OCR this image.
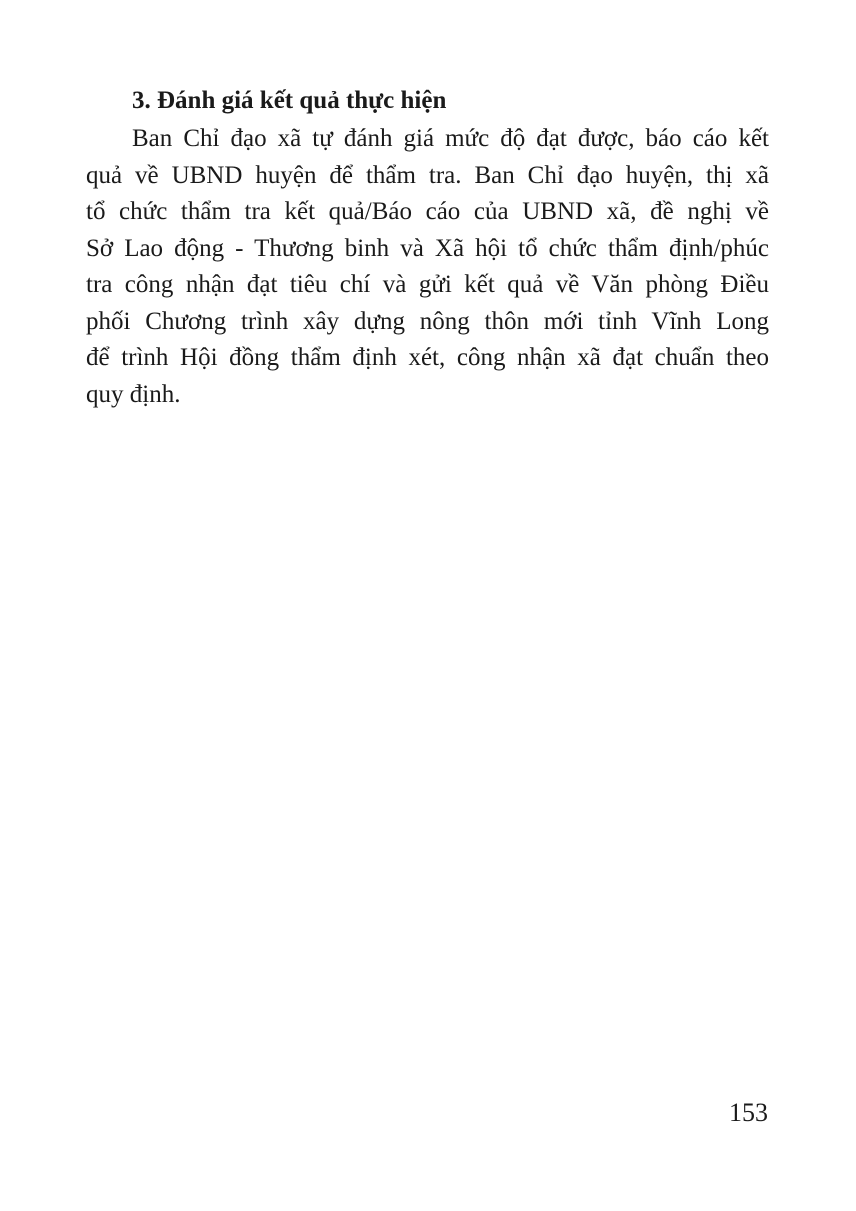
3. Đánh giá kết quả thực hiện
Ban Chỉ đạo xã tự đánh giá mức độ đạt được, báo cáo kết
quả về UBND huyện để thẩm tra. Ban Chỉ đạo huyện, thị xã
tổ chức thẩm tra kết quả/Báo cáo của UBND xã, đề nghị về
Sở Lao động - Thương binh và Xã hội tổ chức thẩm định/phúc
tra công nhận đạt tiêu chí và gửi kết quả về Văn phòng Điều
phối Chương trình xây dựng nông thôn mới tỉnh Vĩnh Long
để trình Hội đồng thẩm định xét, công nhận xã đạt chuẩn theo
quy định.
153
